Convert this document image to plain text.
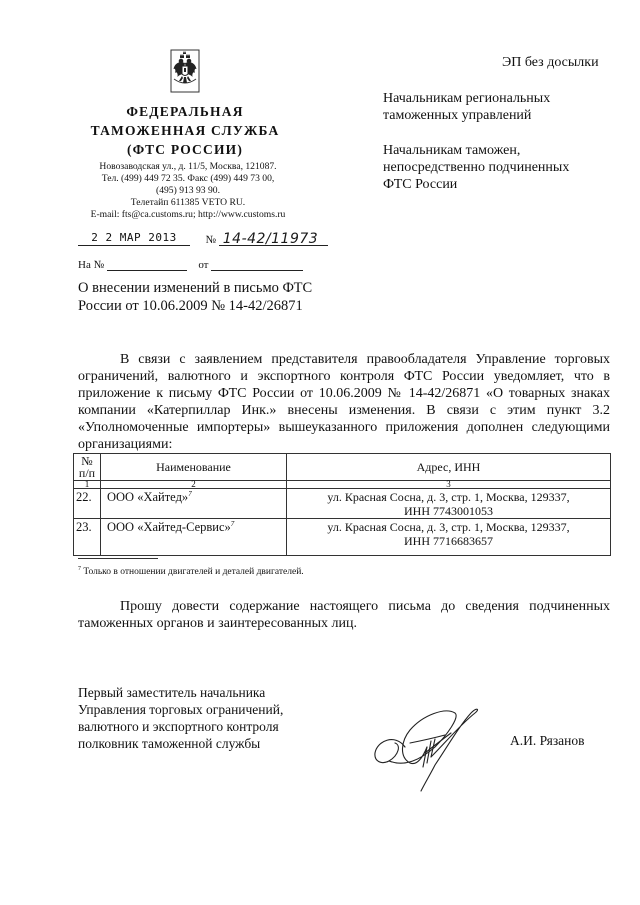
ФЕДЕРАЛЬНАЯ
ТАМОЖЕННАЯ СЛУЖБА
(ФТС РОССИИ)
Новозаводская ул., д. 11/5, Москва, 121087.
Тел. (499) 449 72 35. Факс (499) 449 73 00,
(495) 913 93 90.
Телетайп 611385 VETO RU.
E-mail: fts@ca.customs.ru; http://www.customs.ru
2 2 МАР 2013	№ 14-42/11973
На №	от
ЭП без досылки
Начальникам региональных
таможенных управлений
Начальникам таможен,
непосредственно подчиненных
ФТС России
О внесении изменений в письмо ФТС
России от 10.06.2009 № 14-42/26871
В связи с заявлением представителя правообладателя Управление торговых ограничений, валютного и экспортного контроля ФТС России уведомляет, что в приложение к письму ФТС России от 10.06.2009 № 14-42/26871 «О товарных знаках компании «Катерпиллар Инк.» внесены изменения. В связи с этим пункт 3.2 «Уполномоченные импортеры» вышеуказанного приложения дополнен следующими организациями:
№
п/п	Наименование	Адрес, ИНН
1	2	3
22.	ООО «Хайтед»$^7$	ул. Красная Сосна, д. 3, стр. 1, Москва, 129337,
ИНН 7743001053

23.	ООО «Хайтед-Сервис»$^7$	ул. Красная Сосна, д. 3, стр. 1, Москва, 129337,
ИНН 7716683657
$^7$ Только в отношении двигателей и деталей двигателей.
Прошу довести содержание настоящего письма до сведения подчиненных таможенных органов и заинтересованных лиц.
Первый заместитель начальника
Управления торговых ограничений,
валютного и экспортного контроля
полковник таможенной службы	А.И. Рязанов
